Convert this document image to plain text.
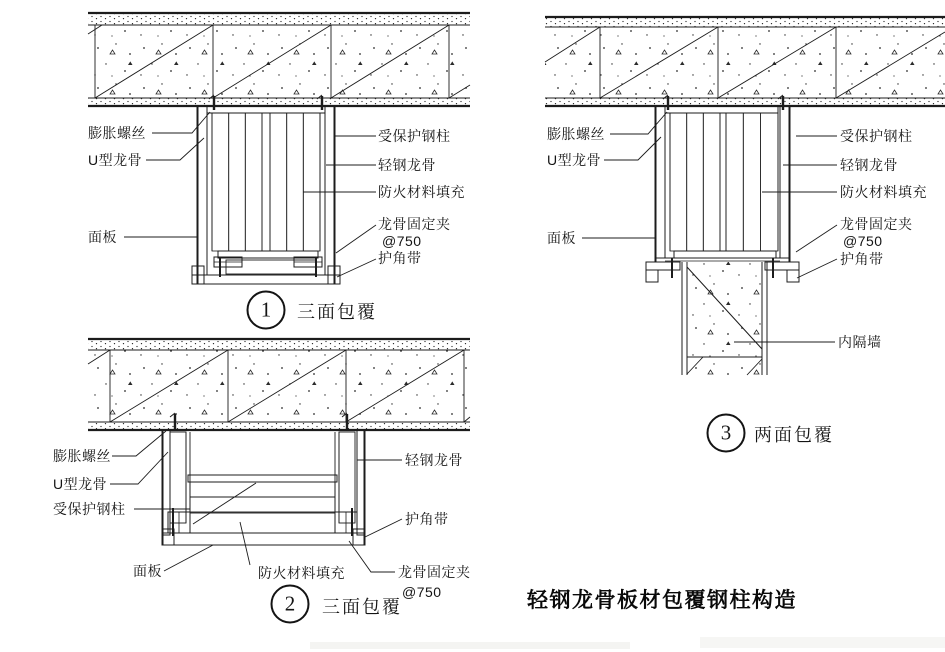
膨胀螺丝
U型龙骨
面板
受保护钢柱
轻钢龙骨
防火材料填充
龙骨固定夹
@750
护角带
1	三面包覆
膨胀螺丝
U型龙骨
受保护钢柱
面板	防火材料填充
轻钢龙骨
护角带
龙骨固定夹
@750
2	三面包覆
膨胀螺丝
U型龙骨
面板
受保护钢柱
轻钢龙骨
防火材料填充
龙骨固定夹
@750
护角带
内隔墙
3	两面包覆
轻钢龙骨板材包覆钢柱构造
